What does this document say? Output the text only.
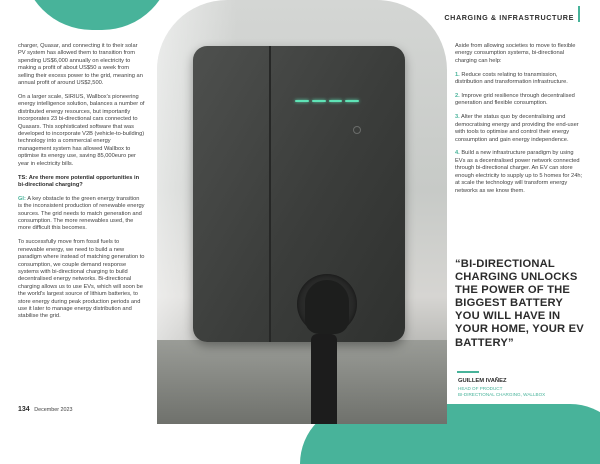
CHARGING & INFRASTRUCTURE

charger, Quasar, and connecting it to their solar PV system has allowed them to transition from spending US$6,000 annually on electricity to making a profit of about US$50 a week from selling their excess power to the grid, meaning an annual profit of around US$2,500.

On a larger scale, SIRIUS, Wallbox's pioneering energy intelligence solution, balances a number of distributed energy resources, but importantly incorporates 23 bi-directional cars connected to Quasars. This sophisticated software that was developed to incorporate V2B (vehicle-to-building) technology into a commercial energy management system has allowed Wallbox to optimise its energy use, saving 85,000euro per year in electricity bills.

TS: Are there more potential opportunities in bi-directional charging?

GI: A key obstacle to the green energy transition is the inconsistent production of renewable energy sources. The grid needs to match generation and consumption. The more renewables used, the more difficult this becomes.

To successfully move from fossil fuels to renewable energy, we need to build a new paradigm where instead of matching generation to consumption, we couple demand response systems with bi-directional charging to build decentralised energy networks. Bi-directional charging allows us to use EVs, which will soon be the world's largest source of lithium batteries, to store energy during peak production periods and use it later to manage energy distribution and stabilise the grid.

Aside from allowing societies to move to flexible energy consumption systems, bi-directional charging can help:

1. Reduce costs relating to transmission, distribution and transformation infrastructure.

2. Improve grid resilience through decentralised generation and flexible consumption.

3. Alter the status quo by decentralising and democratising energy and providing the end-user with tools to optimise and control their energy consumption and gain energy independence.

4. Build a new infrastructure paradigm by using EVs as a decentralised power network connected through bi-directional charger. An EV can store enough electricity to supply up to 5 homes for 24h; at scale the technology will transform energy networks as we know them.

“BI-DIRECTIONAL CHARGING UNLOCKS THE POWER OF THE BIGGEST BATTERY YOU WILL HAVE IN YOUR HOME, YOUR EV BATTERY”
GUILLEM IVAÑEZ
HEAD OF PRODUCT
BI-DIRECTIONAL CHARGING, WALLBOX
134 December 2023
